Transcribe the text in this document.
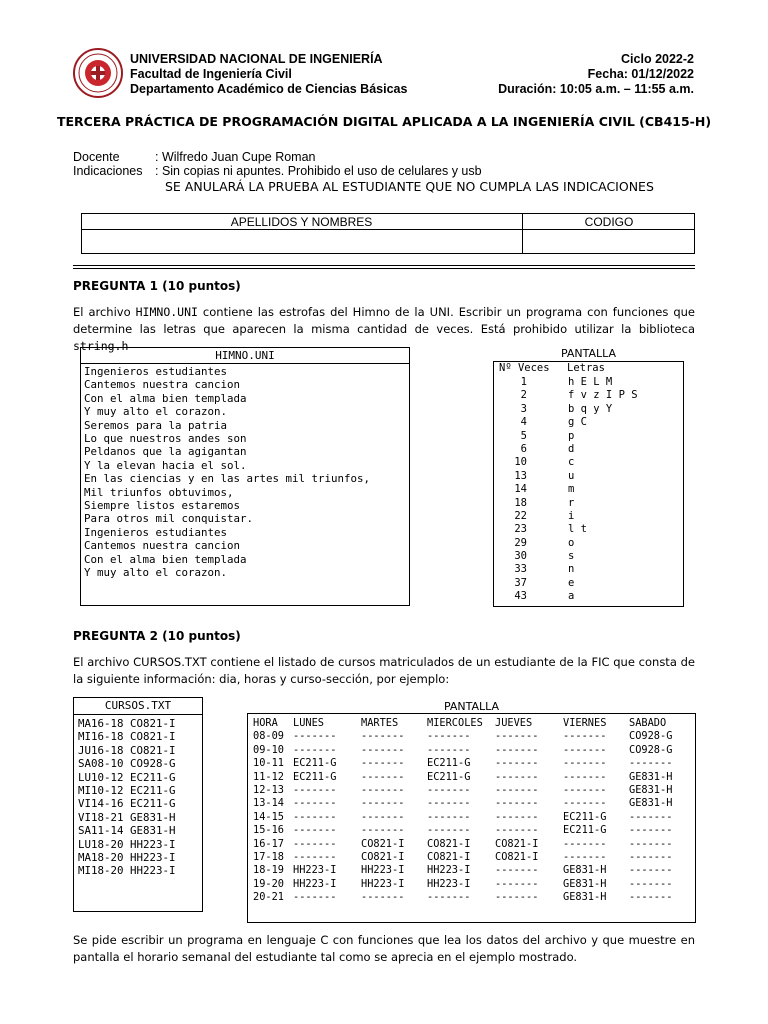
UNIVERSIDAD NACIONAL DE INGENIERÍA
Facultad de Ingeniería Civil
Departamento Académico de Ciencias Básicas
Ciclo 2022-2
Fecha: 01/12/2022
Duración: 10:05 a.m. – 11:55 a.m.
TERCERA PRÁCTICA DE PROGRAMACIÓN DIGITAL APLICADA A LA INGENIERÍA CIVIL (CB415-H)
Docente	: Wilfredo Juan Cupe Roman
Indicaciones : Sin copias ni apuntes. Prohibido el uso de celulares y usb
SE ANULARÁ LA PRUEBA AL ESTUDIANTE QUE NO CUMPLA LAS INDICACIONES
APELLIDOS Y NOMBRES	CODIGO
PREGUNTA 1 (10 puntos)
El archivo HIMNO.UNI contiene las estrofas del Himno de la UNI. Escribir un programa con funciones que determine las letras que aparecen la misma cantidad de veces. Está prohibido utilizar la biblioteca string.h
HIMNO.UNI
Ingenieros estudiantes
Cantemos nuestra cancion
Con el alma bien templada
Y muy alto el corazon.
Seremos para la patria
Lo que nuestros andes son
Peldanos que la agigantan
Y la elevan hacia el sol.
En las ciencias y en las artes mil triunfos,
Mil triunfos obtuvimos,
Siempre listos estaremos
Para otros mil conquistar.
Ingenieros estudiantes
Cantemos nuestra cancion
Con el alma bien templada
Y muy alto el corazon.
PANTALLA
Nº Veces Letras
1	h E L M
2	f v z I P S
3	b q y Y
4	g C
5	p
6	d
10	c
13	u
14	m
18	r
22	i
23	l t
29	o
30	s
33	n
37	e
43	a
PREGUNTA 2 (10 puntos)
El archivo CURSOS.TXT contiene el listado de cursos matriculados de un estudiante de la FIC que consta de la siguiente información: dia, horas y curso-sección, por ejemplo:
CURSOS.TXT
MA16-18 CO821-I
MI16-18 CO821-I
JU16-18 CO821-I
SA08-10 CO928-G
LU10-12 EC211-G
MI10-12 EC211-G
VI14-16 EC211-G
VI18-21 GE831-H
SA11-14 GE831-H
LU18-20 HH223-I
MA18-20 HH223-I
MI18-20 HH223-I
PANTALLA
HORA	LUNES	MARTES	MIERCOLES	JUEVES	VIERNES	SABADO
08-09	-------	-------	-------	-------	-------	CO928-G
09-10	-------	-------	-------	-------	-------	CO928-G
10-11	EC211-G	-------	EC211-G	-------	-------	-------
11-12	EC211-G	-------	EC211-G	-------	-------	GE831-H
12-13	-------	-------	-------	-------	-------	GE831-H
13-14	-------	-------	-------	-------	-------	GE831-H
14-15	-------	-------	-------	-------	EC211-G	-------
15-16	-------	-------	-------	-------	EC211-G	-------
16-17	-------	CO821-I	CO821-I	CO821-I	-------	-------
17-18	-------	CO821-I	CO821-I	CO821-I	-------	-------
18-19	HH223-I	HH223-I	HH223-I	-------	GE831-H	-------
19-20	HH223-I	HH223-I	HH223-I	-------	GE831-H	-------
20-21	-------	-------	-------	-------	GE831-H	-------
Se pide escribir un programa en lenguaje C con funciones que lea los datos del archivo y que muestre en pantalla el horario semanal del estudiante tal como se aprecia en el ejemplo mostrado.
